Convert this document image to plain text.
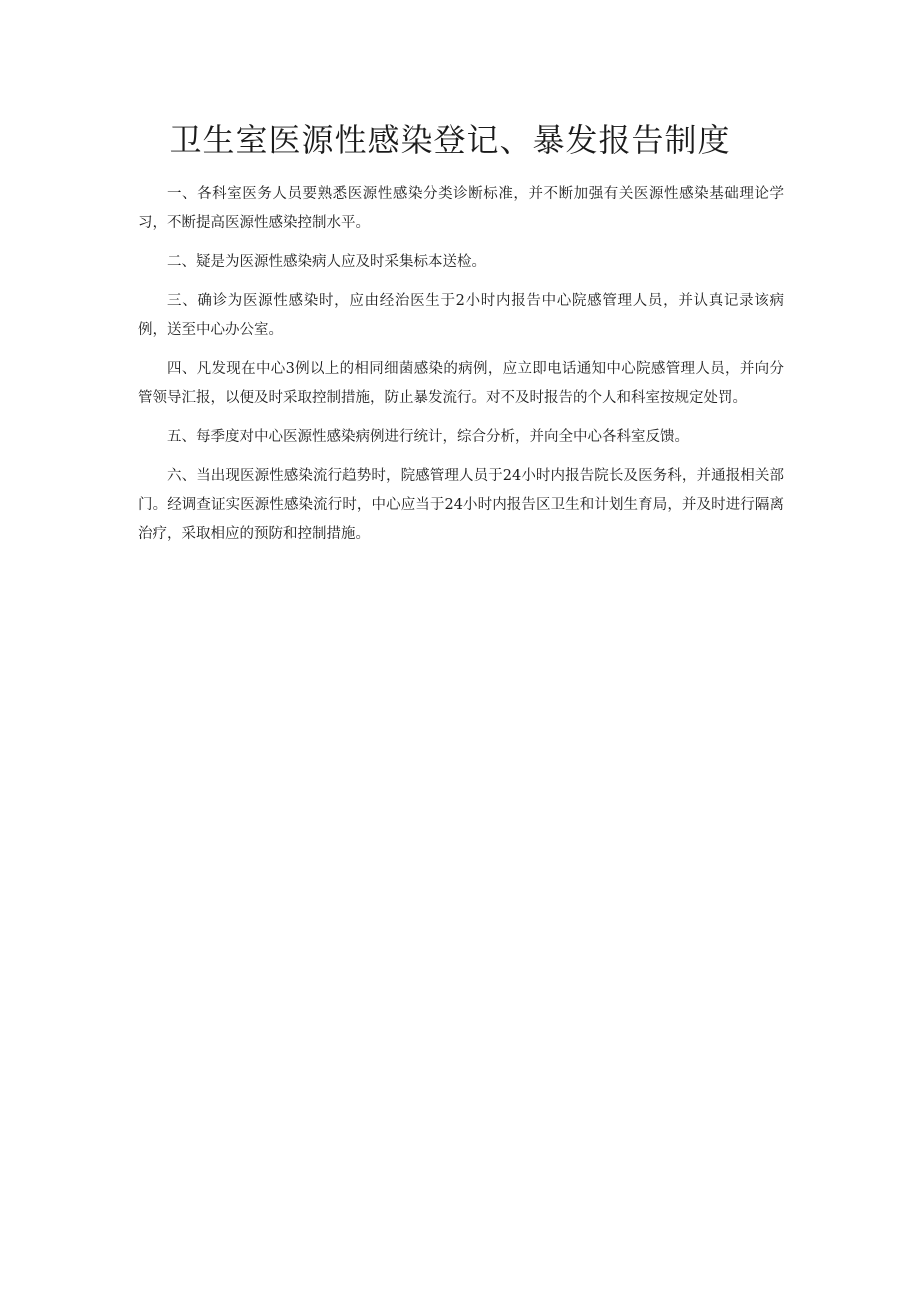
卫生室医源性感染登记、暴发报告制度

一、各科室医务人员要熟悉医源性感染分类诊断标准，并不断加强有关医源性感染基础理论学习，不断提高医源性感染控制水平。

二、疑是为医源性感染病人应及时采集标本送检。

三、确诊为医源性感染时，应由经治医生于2小时内报告中心院感管理人员，并认真记录该病例，送至中心办公室。

四、凡发现在中心3例以上的相同细菌感染的病例，应立即电话通知中心院感管理人员，并向分管领导汇报，以便及时采取控制措施，防止暴发流行。对不及时报告的个人和科室按规定处罚。

五、每季度对中心医源性感染病例进行统计，综合分析，并向全中心各科室反馈。

六、当出现医源性感染流行趋势时，院感管理人员于24小时内报告院长及医务科，并通报相关部门。经调查证实医源性感染流行时，中心应当于24小时内报告区卫生和计划生育局，并及时进行隔离治疗，采取相应的预防和控制措施。
